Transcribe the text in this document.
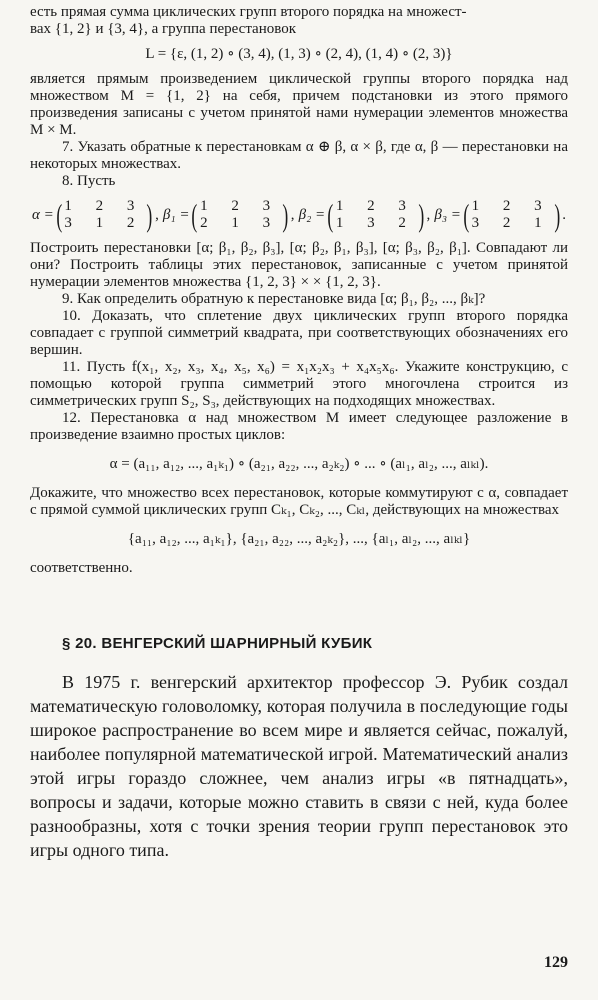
есть прямая сумма циклических групп второго порядка на множест-

вах {1, 2} и {3, 4}, а группа перестановок

L = {ε, (1, 2) ∘ (3, 4), (1, 3) ∘ (2, 4), (1, 4) ∘ (2, 3)}

является прямым произведением циклической группы второго порядка над множеством M = {1, 2} на себя, причем подстановки из этого прямого произведения записаны с учетом принятой нами нумерации элементов множества M × M.

7. Указать обратные к перестановкам α ⊕ β, α × β, где α, β — перестановки на некоторых множествах.

8. Пусть

α = ( 1 2 3
3 1 2 ) , β₁ = ( 1 2 3
2 1 3 ) , β₂ = ( 1 2 3
1 3 2 ) , β₃ = ( 1 2 3
3 2 1 ) .

Построить перестановки [α; β₁, β₂, β₃], [α; β₂, β₁, β₃], [α; β₃, β₂, β₁]. Совпадают ли они? Построить таблицы этих перестановок, записанные с учетом принятой нумерации элементов множества {1, 2, 3} × × {1, 2, 3}.

9. Как определить обратную к перестановке вида [α; β₁, β₂, ..., βₖ]?

10. Доказать, что сплетение двух циклических групп второго порядка совпадает с группой симметрий квадрата, при соответствующих обозначениях его вершин.

11. Пусть f(x₁, x₂, x₃, x₄, x₅, x₆) = x₁x₂x₃ + x₄x₅x₆. Укажите конструкцию, с помощью которой группа симметрий этого многочлена строится из симметрических групп S₂, S₃, действующих на подходящих множествах.

12. Перестановка α над множеством M имеет следующее разложение в произведение взаимно простых циклов:

α = (a₁₁, a₁₂, ..., a₁ₖ₁) ∘ (a₂₁, a₂₂, ..., a₂ₖ₂) ∘ ... ∘ (aₗ₁, aₗ₂, ..., aₗₖₗ).

Докажите, что множество всех перестановок, которые коммутируют с α, совпадает с прямой суммой циклических групп Cₖ₁, Cₖ₂, ..., Cₖₗ, действующих на множествах

{a₁₁, a₁₂, ..., a₁ₖ₁}, {a₂₁, a₂₂, ..., a₂ₖ₂}, ..., {aₗ₁, aₗ₂, ..., aₗₖₗ}

соответственно.

§ 20. ВЕНГЕРСКИЙ ШАРНИРНЫЙ КУБИК

В 1975 г. венгерский архитектор профессор Э. Рубик создал математическую головоломку, которая получила в последующие годы широкое распространение во всем мире и является сейчас, пожалуй, наиболее популярной математической игрой. Математический анализ этой игры гораздо сложнее, чем анализ игры «в пятнадцать», вопросы и задачи, которые можно ставить в связи с ней, куда более разнообразны, хотя с точки зрения теории групп перестановок это игры одного типа.

129
